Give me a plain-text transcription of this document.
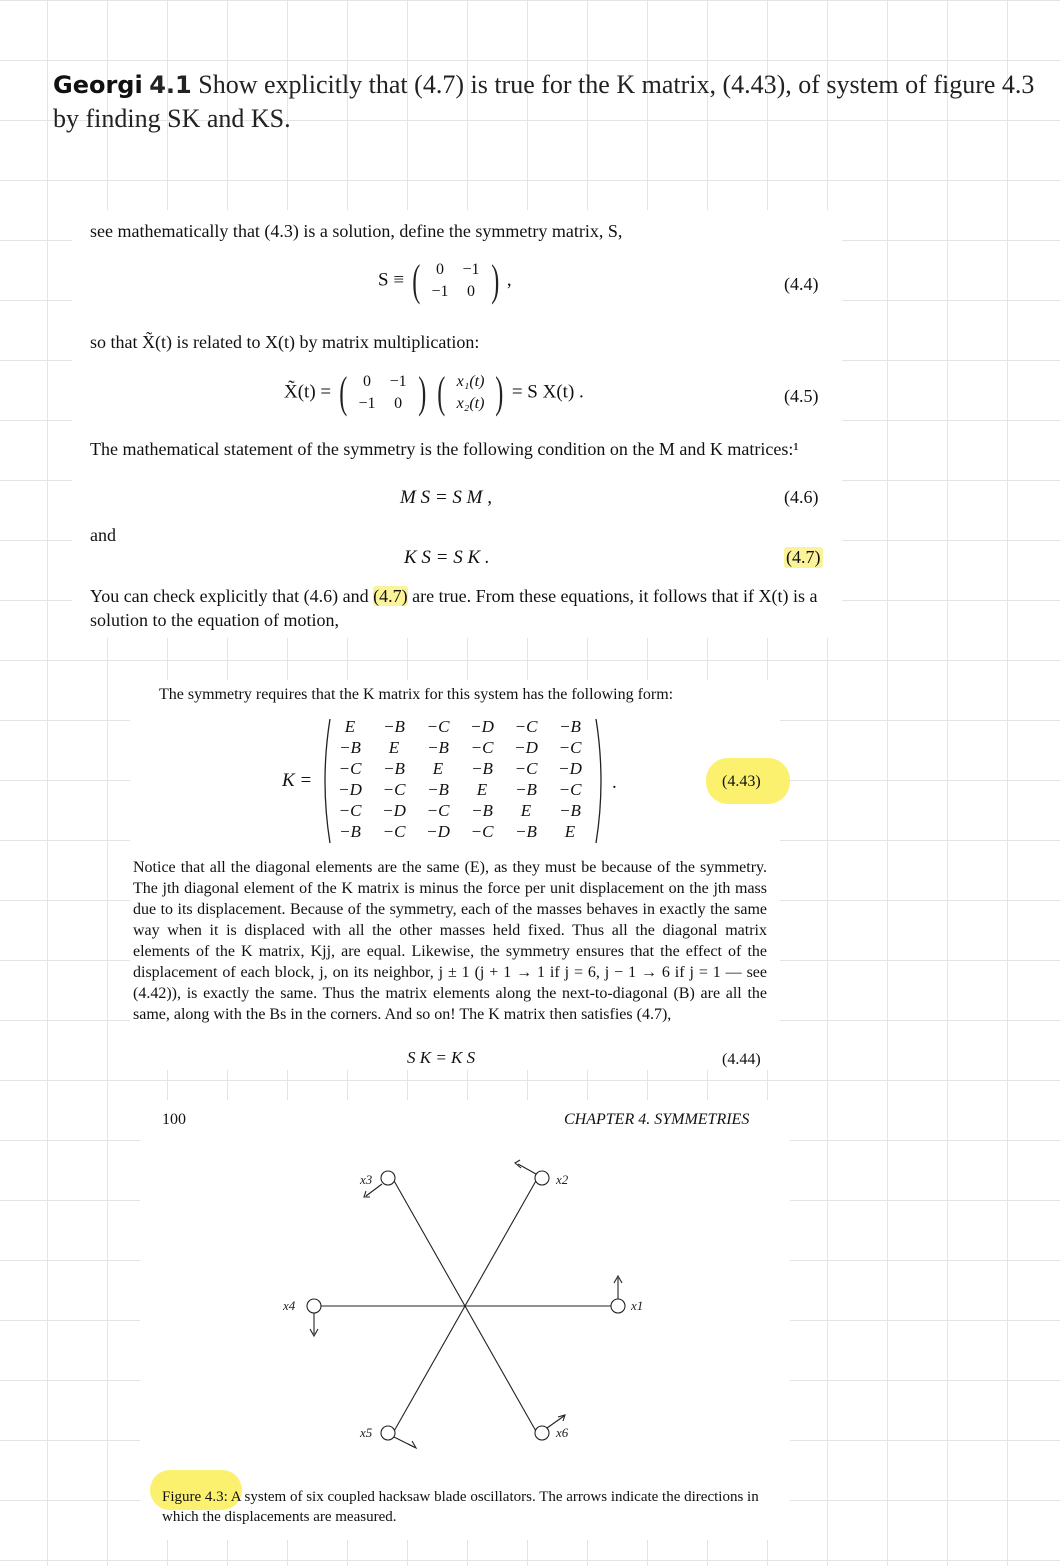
Georgi 4.1 Show explicitly that (4.7) is true for the K matrix, (4.43), of system of figure 4.3 by finding SK and KS.
see mathematically that (4.3) is a solution, define the symmetry matrix, S,
S ≡ ( 0	−1
−1	0 ) ,	(4.4)
so that X̃(t) is related to X(t) by matrix multiplication:
X̃(t) = ( 0	−1
−1	0 ) ( x₁(t)
x₂(t) ) = S X(t) .	(4.5)
The mathematical statement of the symmetry is the following condition on the M and K matrices:¹
M S = S M ,	(4.6)
and
K S = S K .	(4.7)
You can check explicitly that (4.6) and (4.7) are true. From these equations, it follows that if X(t) is a solution to the equation of motion,
The symmetry requires that the K matrix for this system has the following form:
K =
E	−B	−C	−D	−C	−B
−B	E	−B	−C	−D	−C
−C	−B	E	−B	−C	−D
−D	−C	−B	E	−B	−C
−C	−D	−C	−B	E	−B
−B	−C	−D	−C	−B	E
.	(4.43)
Notice that all the diagonal elements are the same (E), as they must be because of the symmetry. The jth diagonal element of the K matrix is minus the force per unit displacement on the jth mass due to its displacement. Because of the symmetry, each of the masses behaves in exactly the same way when it is displaced with all the other masses held fixed. Thus all the diagonal matrix elements of the K matrix, Kjj, are equal. Likewise, the symmetry ensures that the effect of the displacement of each block, j, on its neighbor, j ± 1 (j + 1 → 1 if j = 6, j − 1 → 6 if j = 1 — see (4.42)), is exactly the same. Thus the matrix elements along the next-to-diagonal (B) are all the same, along with the Bs in the corners. And so on! The K matrix then satisfies (4.7),
S K = K S	(4.44)
100	CHAPTER 4. SYMMETRIES
x1
x2
x3
x4
x5	x6
Figure 4.3: A system of six coupled hacksaw blade oscillators. The arrows indicate the directions in which the displacements are measured.
